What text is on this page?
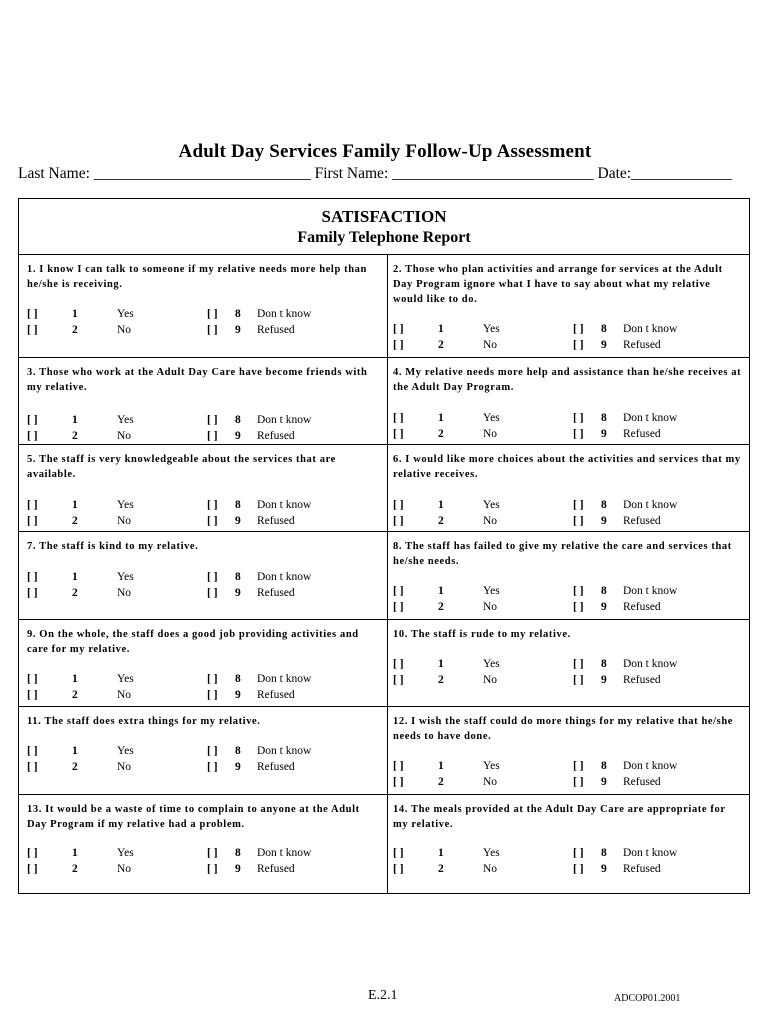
Adult Day Services Family Follow-Up Assessment
Last Name: ____________________________ First Name: __________________________ Date:_____________
SATISFACTION
Family Telephone Report
1. I know I can talk to someone if my relative needs more help than he/she is receiving.
[ ]	1	Yes	[ ] 8 Don t know
[ ]	2	No	[ ] 9 Refused
2. Those who plan activities and arrange for services at the Adult Day Program ignore what I have to say about what my relative would like to do.
[ ]	1	Yes	[ ] 8 Don t know
[ ]	2	No	[ ] 9 Refused
3. Those who work at the Adult Day Care have become friends with my relative.
[ ]	1	Yes	[ ] 8 Don t know
[ ]	2	No	[ ] 9 Refused
4. My relative needs more help and assistance than he/she receives at the Adult Day Program.
[ ]	1	Yes	[ ] 8 Don t know
[ ]	2	No	[ ] 9 Refused
5. The staff is very knowledgeable about the services that are available.
[ ]	1	Yes	[ ] 8 Don t know
[ ]	2	No	[ ] 9 Refused
6. I would like more choices about the activities and services that my relative receives.
[ ]	1	Yes	[ ] 8 Don t know
[ ]	2	No	[ ] 9 Refused
7. The staff is kind to my relative.
[ ]	1	Yes	[ ] 8 Don t know
[ ]	2	No	[ ] 9 Refused
8. The staff has failed to give my relative the care and services that he/she needs.
[ ]	1	Yes	[ ] 8 Don t know
[ ]	2	No	[ ] 9 Refused
9. On the whole, the staff does a good job providing activities and care for my relative.
[ ]	1	Yes	[ ] 8 Don t know
[ ]	2	No	[ ] 9 Refused
10. The staff is rude to my relative.
[ ]	1	Yes	[ ] 8 Don t know
[ ]	2	No	[ ] 9 Refused
11. The staff does extra things for my relative.
[ ]	1	Yes	[ ] 8 Don t know
[ ]	2	No	[ ] 9 Refused
12. I wish the staff could do more things for my relative that he/she needs to have done.
[ ]	1	Yes	[ ] 8 Don t know
[ ]	2	No	[ ] 9 Refused
13. It would be a waste of time to complain to anyone at the Adult Day Program if my relative had a problem.
[ ]	1	Yes	[ ] 8 Don t know
[ ]	2	No	[ ] 9 Refused
14. The meals provided at the Adult Day Care are appropriate for my relative.
[ ]	1	Yes	[ ] 8 Don t know
[ ]	2	No	[ ] 9 Refused
E.2.1	ADCOP01.2001
